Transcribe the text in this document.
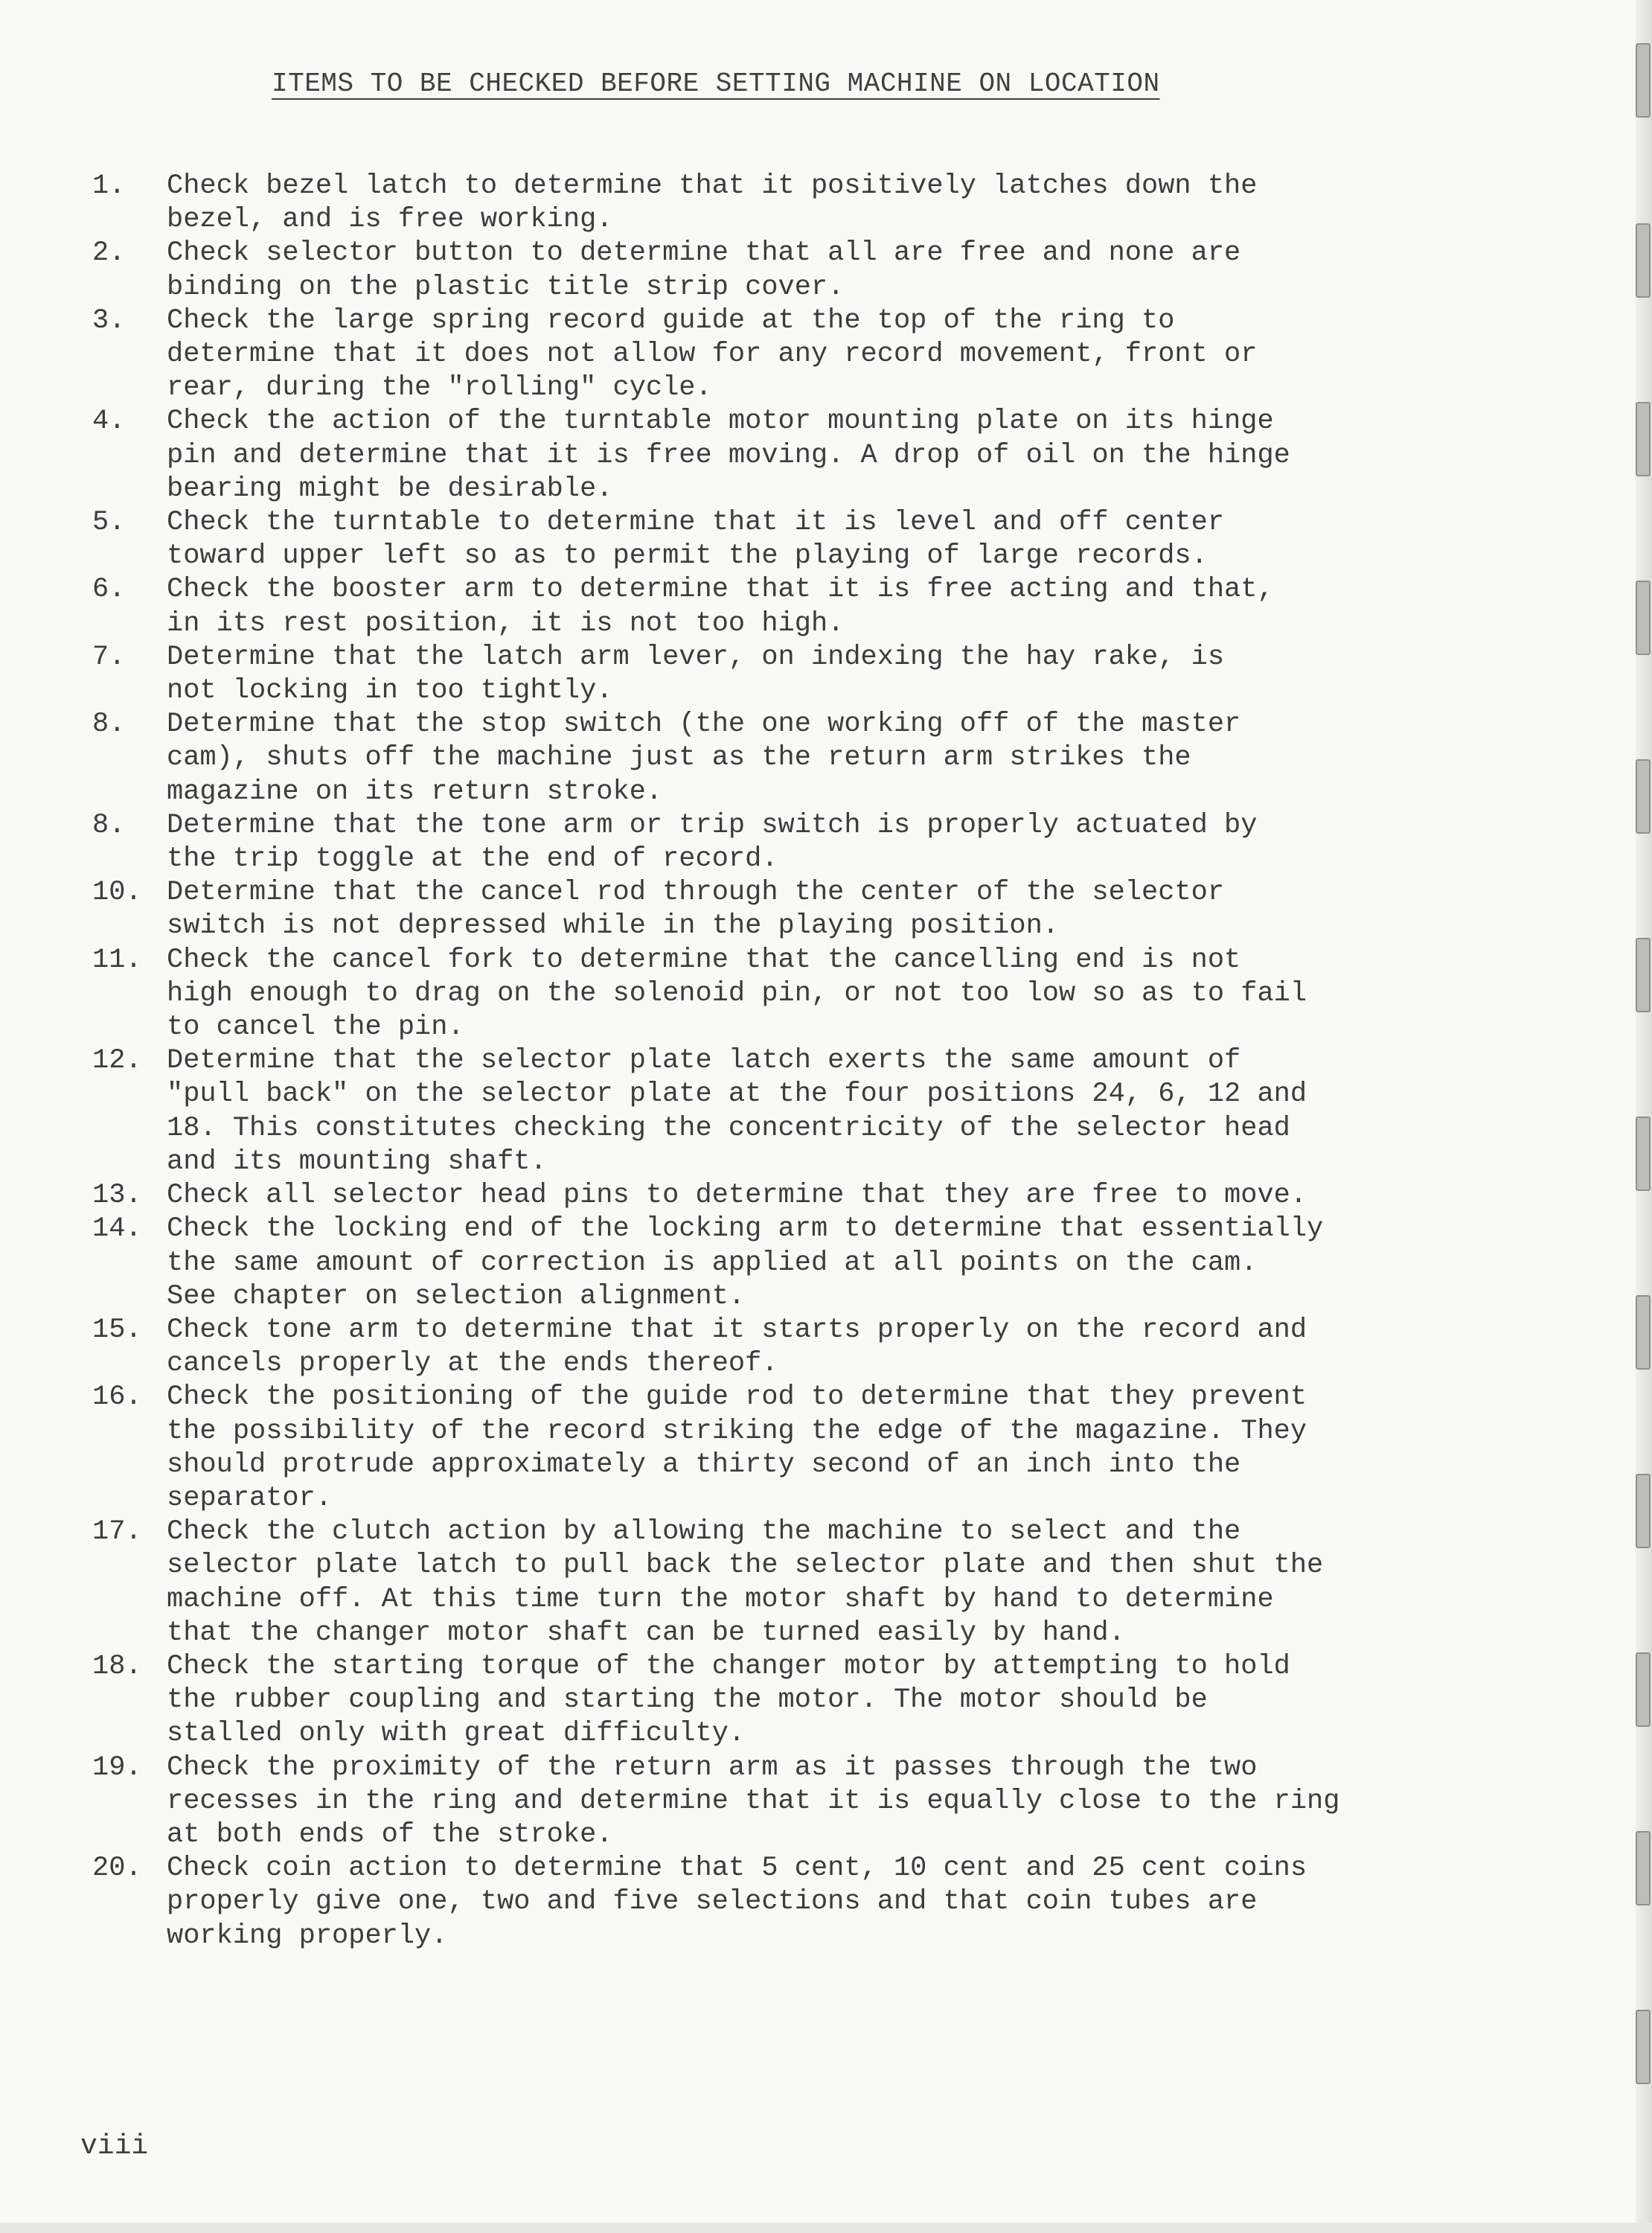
ITEMS TO BE CHECKED BEFORE SETTING MACHINE ON LOCATION
1.	Check bezel latch to determine that it positively latches down the
bezel, and is free working.
2.	Check selector button to determine that all are free and none are
binding on the plastic title strip cover.
3.	Check the large spring record guide at the top of the ring to
determine that it does not allow for any record movement, front or
rear, during the "rolling" cycle.
4.	Check the action of the turntable motor mounting plate on its hinge
pin and determine that it is free moving. A drop of oil on the hinge
bearing might be desirable.
5.	Check the turntable to determine that it is level and off center
toward upper left so as to permit the playing of large records.
6.	Check the booster arm to determine that it is free acting and that,
in its rest position, it is not too high.
7.	Determine that the latch arm lever, on indexing the hay rake, is
not locking in too tightly.
8.	Determine that the stop switch (the one working off of the master
cam), shuts off the machine just as the return arm strikes the
magazine on its return stroke.
8.	Determine that the tone arm or trip switch is properly actuated by
the trip toggle at the end of record.
10. Determine that the cancel rod through the center of the selector
switch is not depressed while in the playing position.
11. Check the cancel fork to determine that the cancelling end is not
high enough to drag on the solenoid pin, or not too low so as to fail
to cancel the pin.
12. Determine that the selector plate latch exerts the same amount of
"pull back" on the selector plate at the four positions 24, 6, 12 and
18. This constitutes checking the concentricity of the selector head
and its mounting shaft.
13. Check all selector head pins to determine that they are free to move.
14. Check the locking end of the locking arm to determine that essentially
the same amount of correction is applied at all points on the cam.
See chapter on selection alignment.
15. Check tone arm to determine that it starts properly on the record and
cancels properly at the ends thereof.
16. Check the positioning of the guide rod to determine that they prevent
the possibility of the record striking the edge of the magazine. They
should protrude approximately a thirty second of an inch into the
separator.
17. Check the clutch action by allowing the machine to select and the
selector plate latch to pull back the selector plate and then shut the
machine off. At this time turn the motor shaft by hand to determine
that the changer motor shaft can be turned easily by hand.
18. Check the starting torque of the changer motor by attempting to hold
the rubber coupling and starting the motor. The motor should be
stalled only with great difficulty.
19. Check the proximity of the return arm as it passes through the two
recesses in the ring and determine that it is equally close to the ring
at both ends of the stroke.
20. Check coin action to determine that 5 cent, 10 cent and 25 cent coins
properly give one, two and five selections and that coin tubes are
working properly.
viii
